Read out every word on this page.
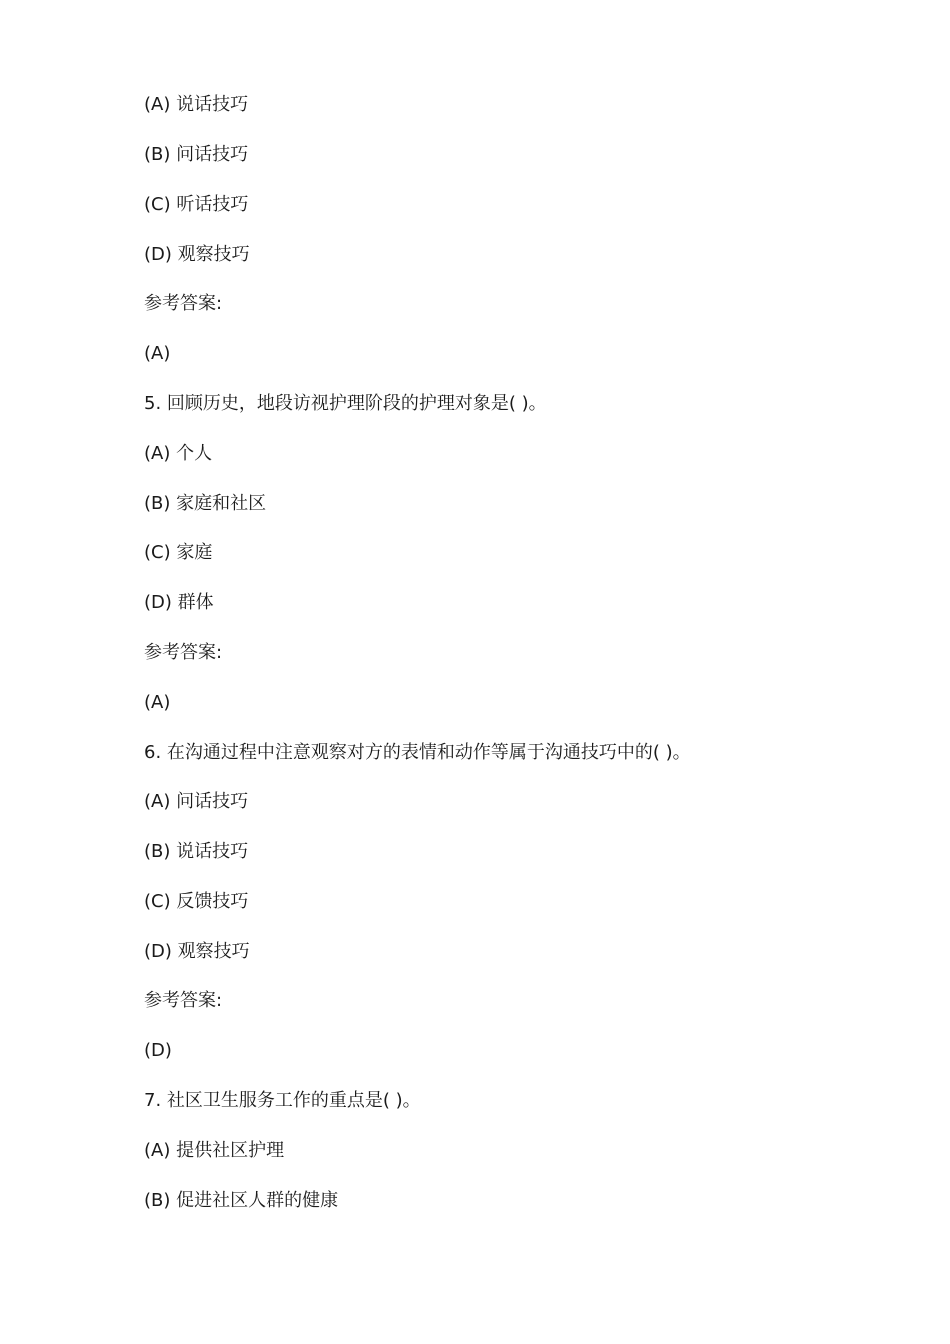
(A) 说话技巧
(B) 问话技巧
(C) 听话技巧
(D) 观察技巧
参考答案:
(A)
5. 回顾历史，地段访视护理阶段的护理对象是( )。
(A) 个人
(B) 家庭和社区
(C) 家庭
(D) 群体
参考答案:
(A)
6. 在沟通过程中注意观察对方的表情和动作等属于沟通技巧中的( )。
(A) 问话技巧
(B) 说话技巧
(C) 反馈技巧
(D) 观察技巧
参考答案:
(D)
7. 社区卫生服务工作的重点是( )。
(A) 提供社区护理
(B) 促进社区人群的健康
